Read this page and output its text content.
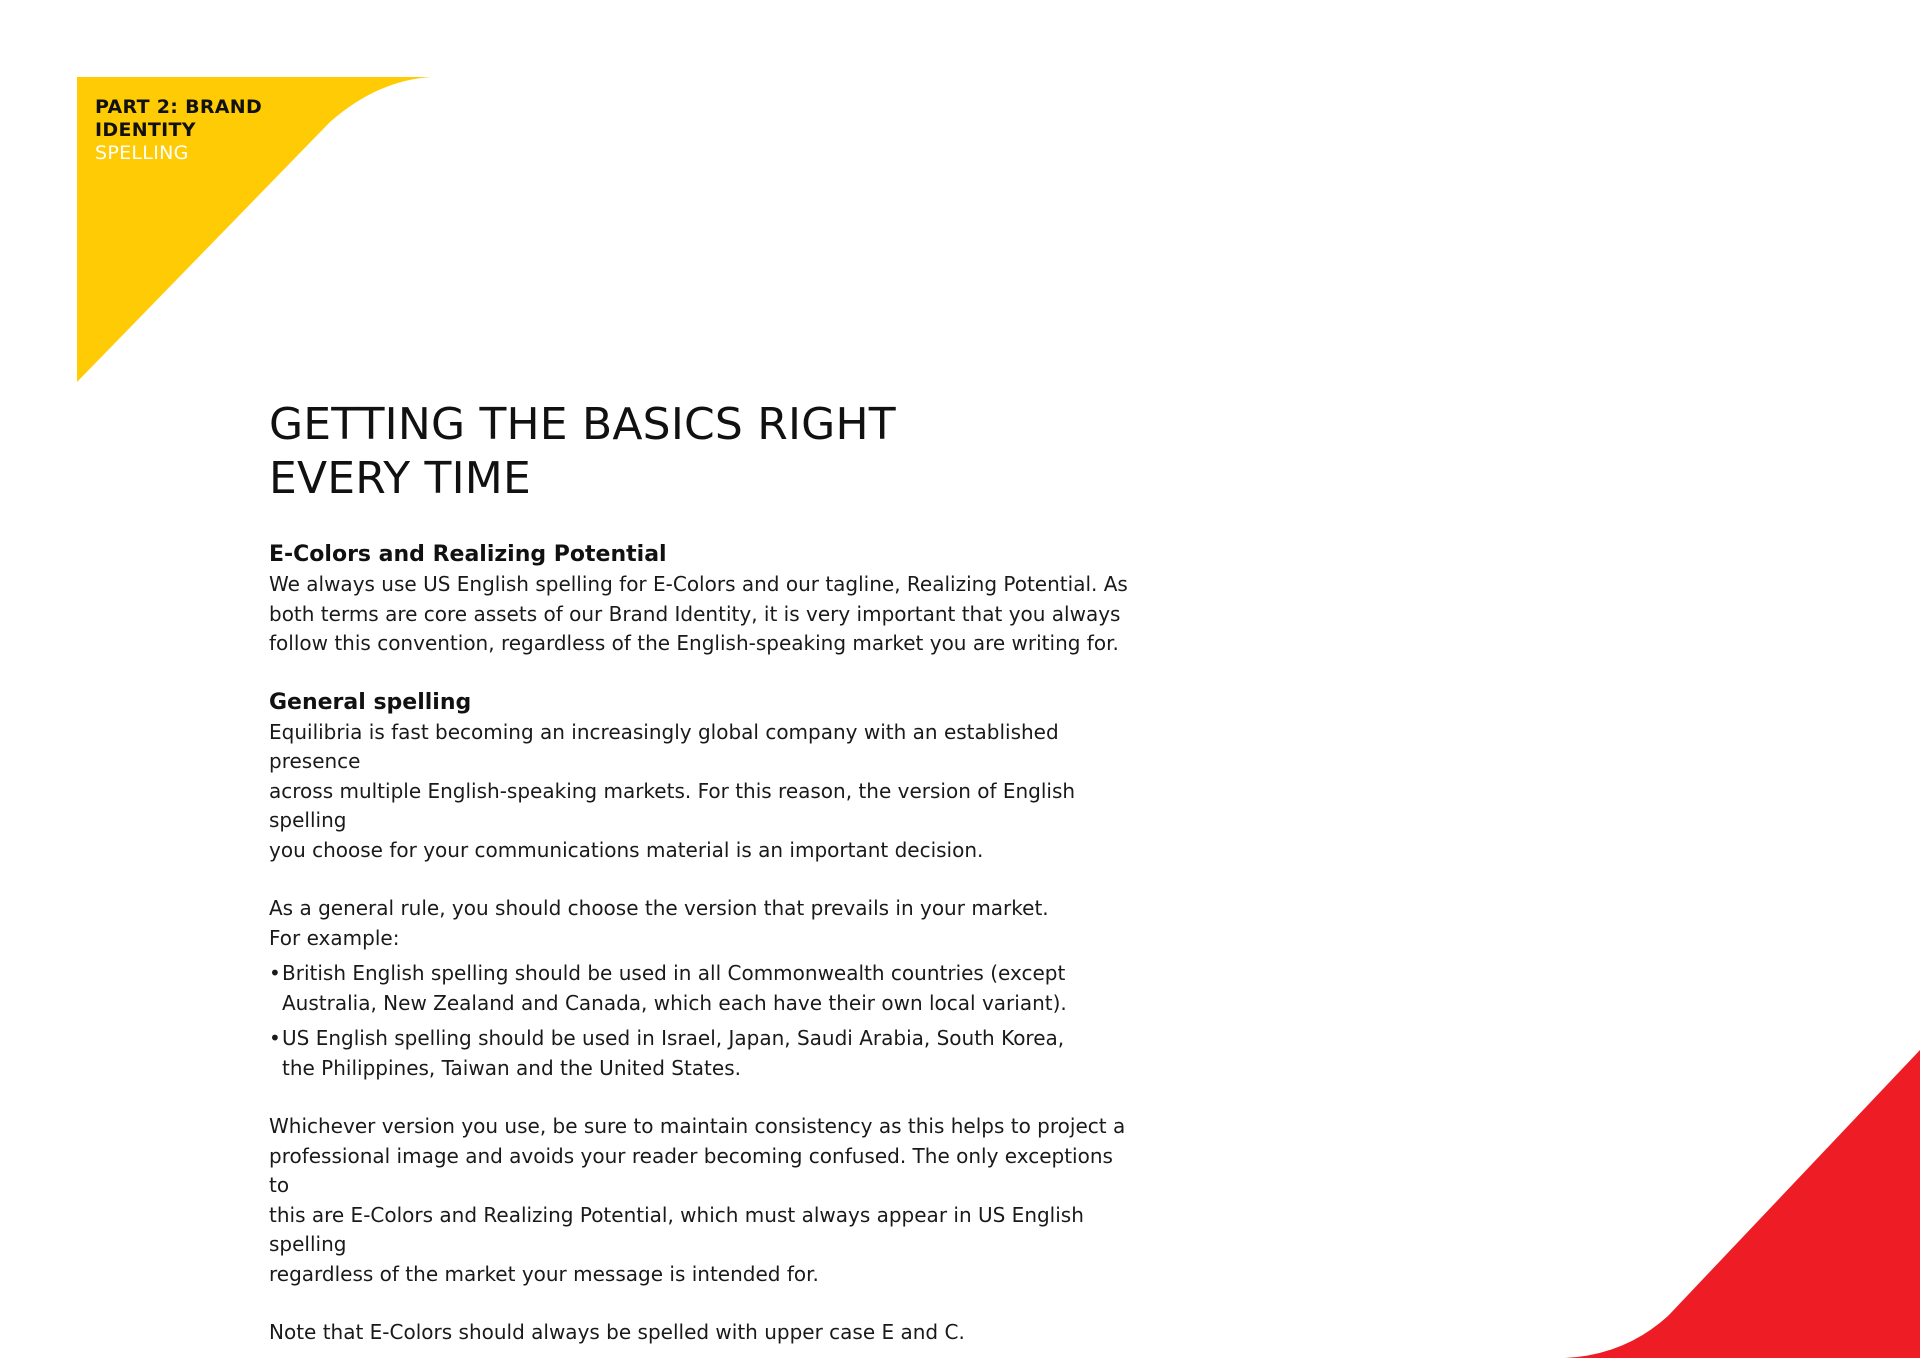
PART 2: BRAND
IDENTITY
SPELLING
GETTING THE BASICS RIGHT
EVERY TIME
E-Colors and Realizing Potential

We always use US English spelling for E-Colors and our tagline, Realizing Potential. As
both terms are core assets of our Brand Identity, it is very important that you always
follow this convention, regardless of the English-speaking market you are writing for.

General spelling

Equilibria is fast becoming an increasingly global company with an established presence
across multiple English-speaking markets. For this reason, the version of English spelling
you choose for your communications material is an important decision.

As a general rule, you should choose the version that prevails in your market.
For example:

• British English spelling should be used in all Commonwealth countries (except
Australia, New Zealand and Canada, which each have their own local variant).
• US English spelling should be used in Israel, Japan, Saudi Arabia, South Korea,
the Philippines, Taiwan and the United States.

Whichever version you use, be sure to maintain consistency as this helps to project a
professional image and avoids your reader becoming confused. The only exceptions to
this are E-Colors and Realizing Potential, which must always appear in US English spelling
regardless of the market your message is intended for.

Note that E-Colors should always be spelled with upper case E and C.
